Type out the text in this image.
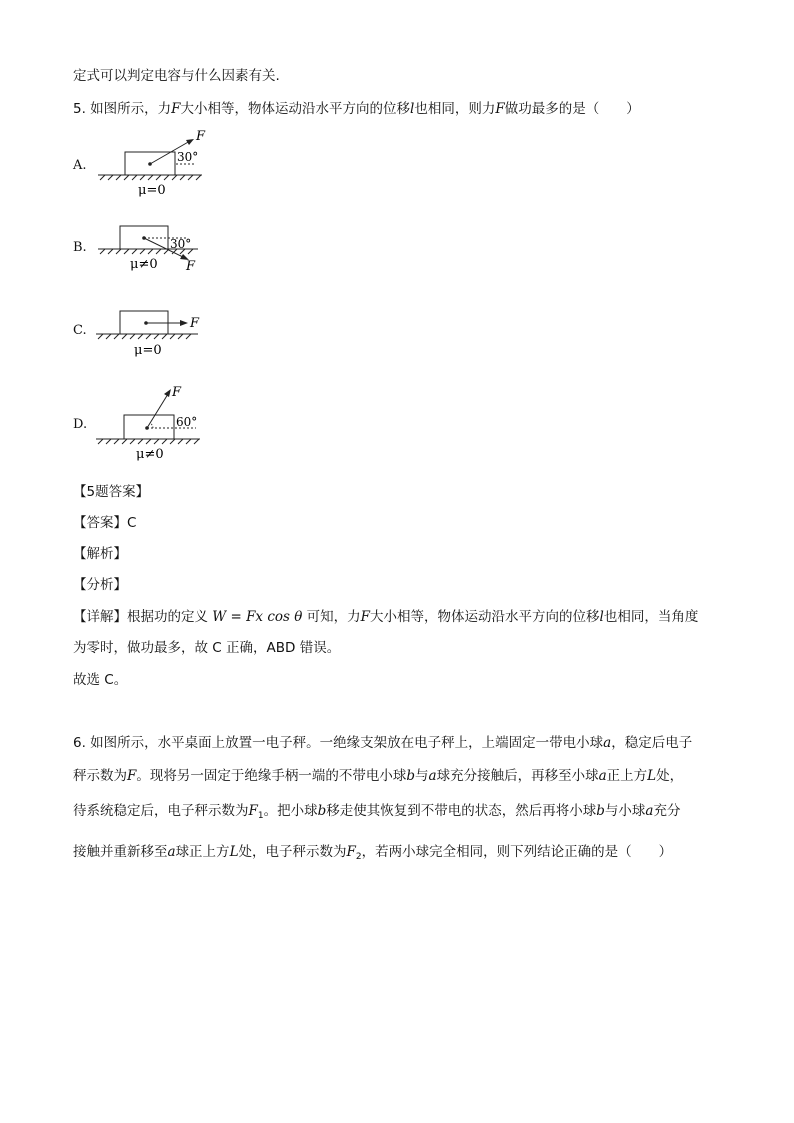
定式可以判定电容与什么因素有关.
5. 如图所示，力F大小相等，物体运动沿水平方向的位移l也相同，则力F做功最多的是（　　）
A.
30°
F
μ=0
B.	30°
F
μ≠0
C.	F
μ=0
D.	60°
F
μ≠0
【5题答案】
【答案】C
【解析】
【分析】
【详解】根据功的定义 W = Fx cos θ 可知，力F大小相等，物体运动沿水平方向的位移l也相同，当角度
为零时，做功最多，故 C 正确，ABD 错误。
故选 C。
6. 如图所示，水平桌面上放置一电子秤。一绝缘支架放在电子秤上，上端固定一带电小球a，稳定后电子
秤示数为F。现将另一固定于绝缘手柄一端的不带电小球b与a球充分接触后，再移至小球a正上方L处，
待系统稳定后，电子秤示数为$F_1$。把小球b移走使其恢复到不带电的状态，然后再将小球b与小球a充分
接触并重新移至a球正上方L处，电子秤示数为$F_2$，若两小球完全相同，则下列结论正确的是（　　）
